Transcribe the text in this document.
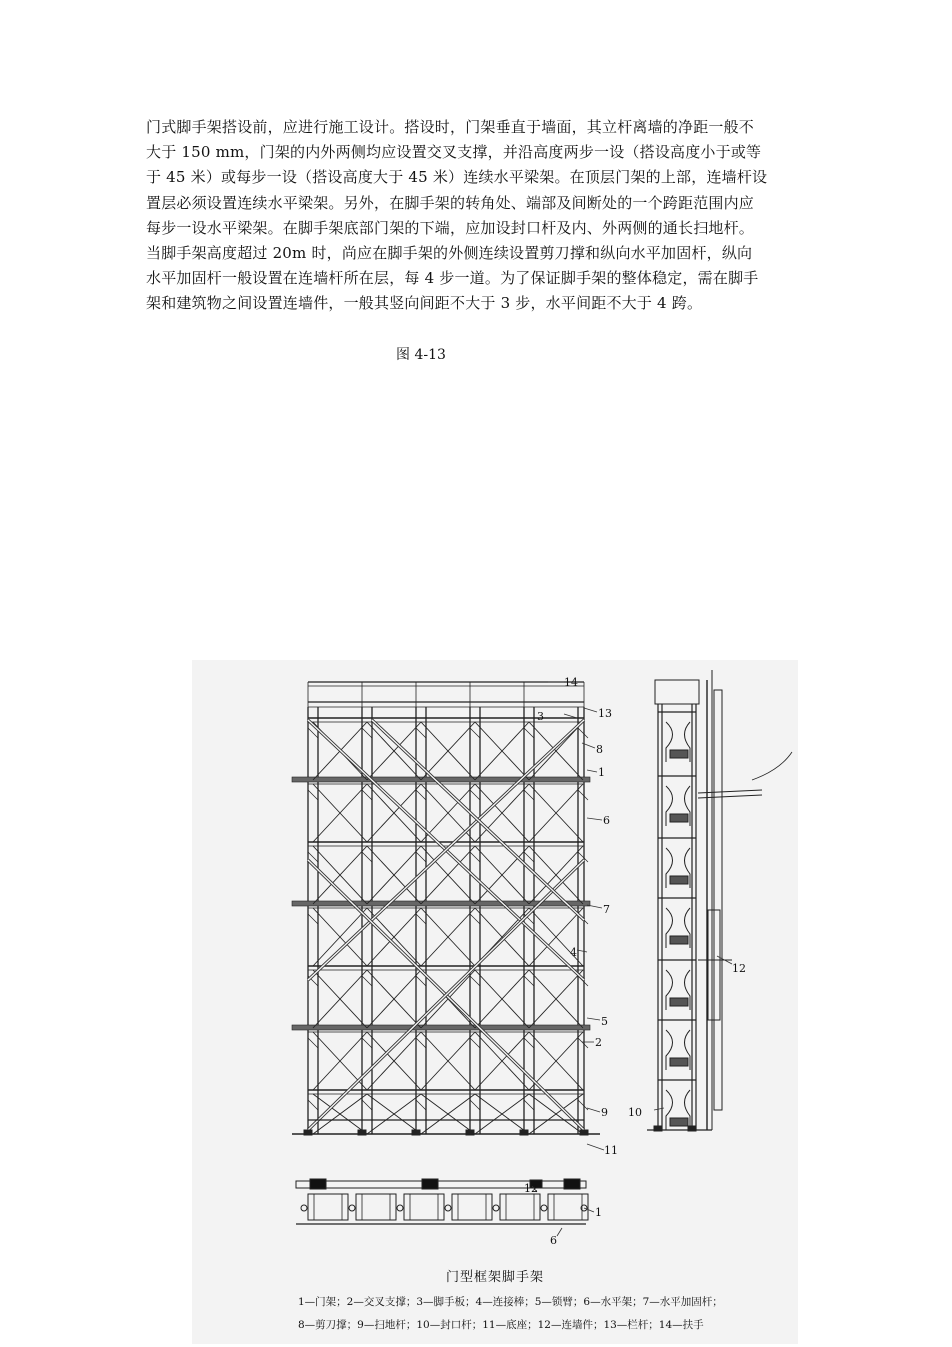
门式脚手架搭设前，应进行施工设计。搭设时，门架垂直于墙面，其立杆离墙的净距一般不
大于 150 mm，门架的内外两侧均应设置交叉支撑，并沿高度两步一设（搭设高度小于或等
于 45 米）或每步一设（搭设高度大于 45 米）连续水平梁架。在顶层门架的上部，连墙杆设
置层必须设置连续水平梁架。另外，在脚手架的转角处、端部及间断处的一个跨距范围内应
每步一设水平梁架。在脚手架底部门架的下端，应加设封口杆及内、外两侧的通长扫地杆。
当脚手架高度超过 20m 时，尚应在脚手架的外侧连续设置剪刀撑和纵向水平加固杆，纵向
水平加固杆一般设置在连墙杆所在层，每 4 步一道。为了保证脚手架的整体稳定，需在脚手
架和建筑物之间设置连墙件，一般其竖向间距不大于 3 步，水平间距不大于 4 跨。
图 4-13
14
13
3
8
1
6
7
4
5
2
9
11
10
12
12
1
6
门型框架脚手架
1—门架；2—交叉支撑；3—脚手板；4—连接棒；5—锁臂；6—水平架；7—水平加固杆；
8—剪刀撑；9—扫地杆；10—封口杆；11—底座；12—连墙件；13—栏杆；14—扶手
